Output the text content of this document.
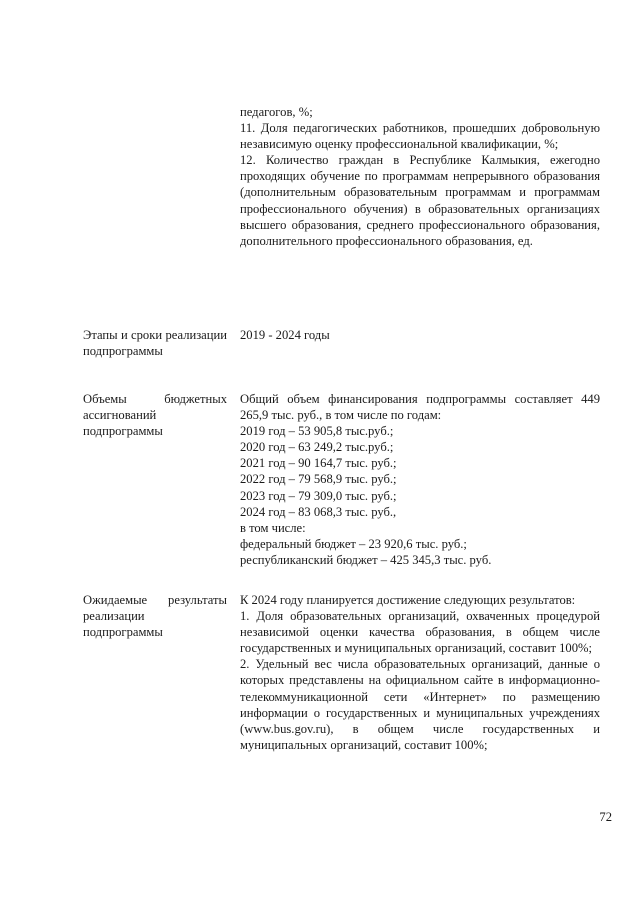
педагогов, %;

11. Доля педагогических работников, прошедших добровольную независимую оценку профессиональной квалификации, %;

12. Количество граждан в Республике Калмыкия, ежегодно проходящих обучение по программам непрерывного образования (дополнительным образовательным программам и программам профессионального обучения) в образовательных организациях высшего образования, среднего профессионального образования, дополнительного профессионального образования, ед.

Этапы и сроки реализации подпрограммы
2019 - 2024 годы
Объемы бюджетных ассигнований подпрограммы

Общий объем финансирования подпрограммы составляет 449 265,9 тыс. руб., в том числе по годам:

2019 год – 53 905,8 тыс.руб.;

2020 год – 63 249,2 тыс.руб.;

2021 год – 90 164,7 тыс. руб.;

2022 год – 79 568,9 тыс. руб.;

2023 год – 79 309,0 тыс. руб.;

2024 год – 83 068,3 тыс. руб.,

в том числе:

федеральный бюджет – 23 920,6 тыс. руб.;

республиканский бюджет – 425 345,3 тыс. руб.

Ожидаемые результаты реализации подпрограммы

К 2024 году планируется достижение следующих результатов:

1. Доля образовательных организаций, охваченных процедурой независимой оценки качества образования, в общем числе государственных и муниципальных организаций, составит 100%;

2. Удельный вес числа образовательных организаций, данные о которых представлены на официальном сайте в информационно-телекоммуникационной сети «Интернет» по размещению информации о государственных и муниципальных учреждениях (www.bus.gov.ru), в общем числе государственных и муниципальных организаций, составит 100%;

72
